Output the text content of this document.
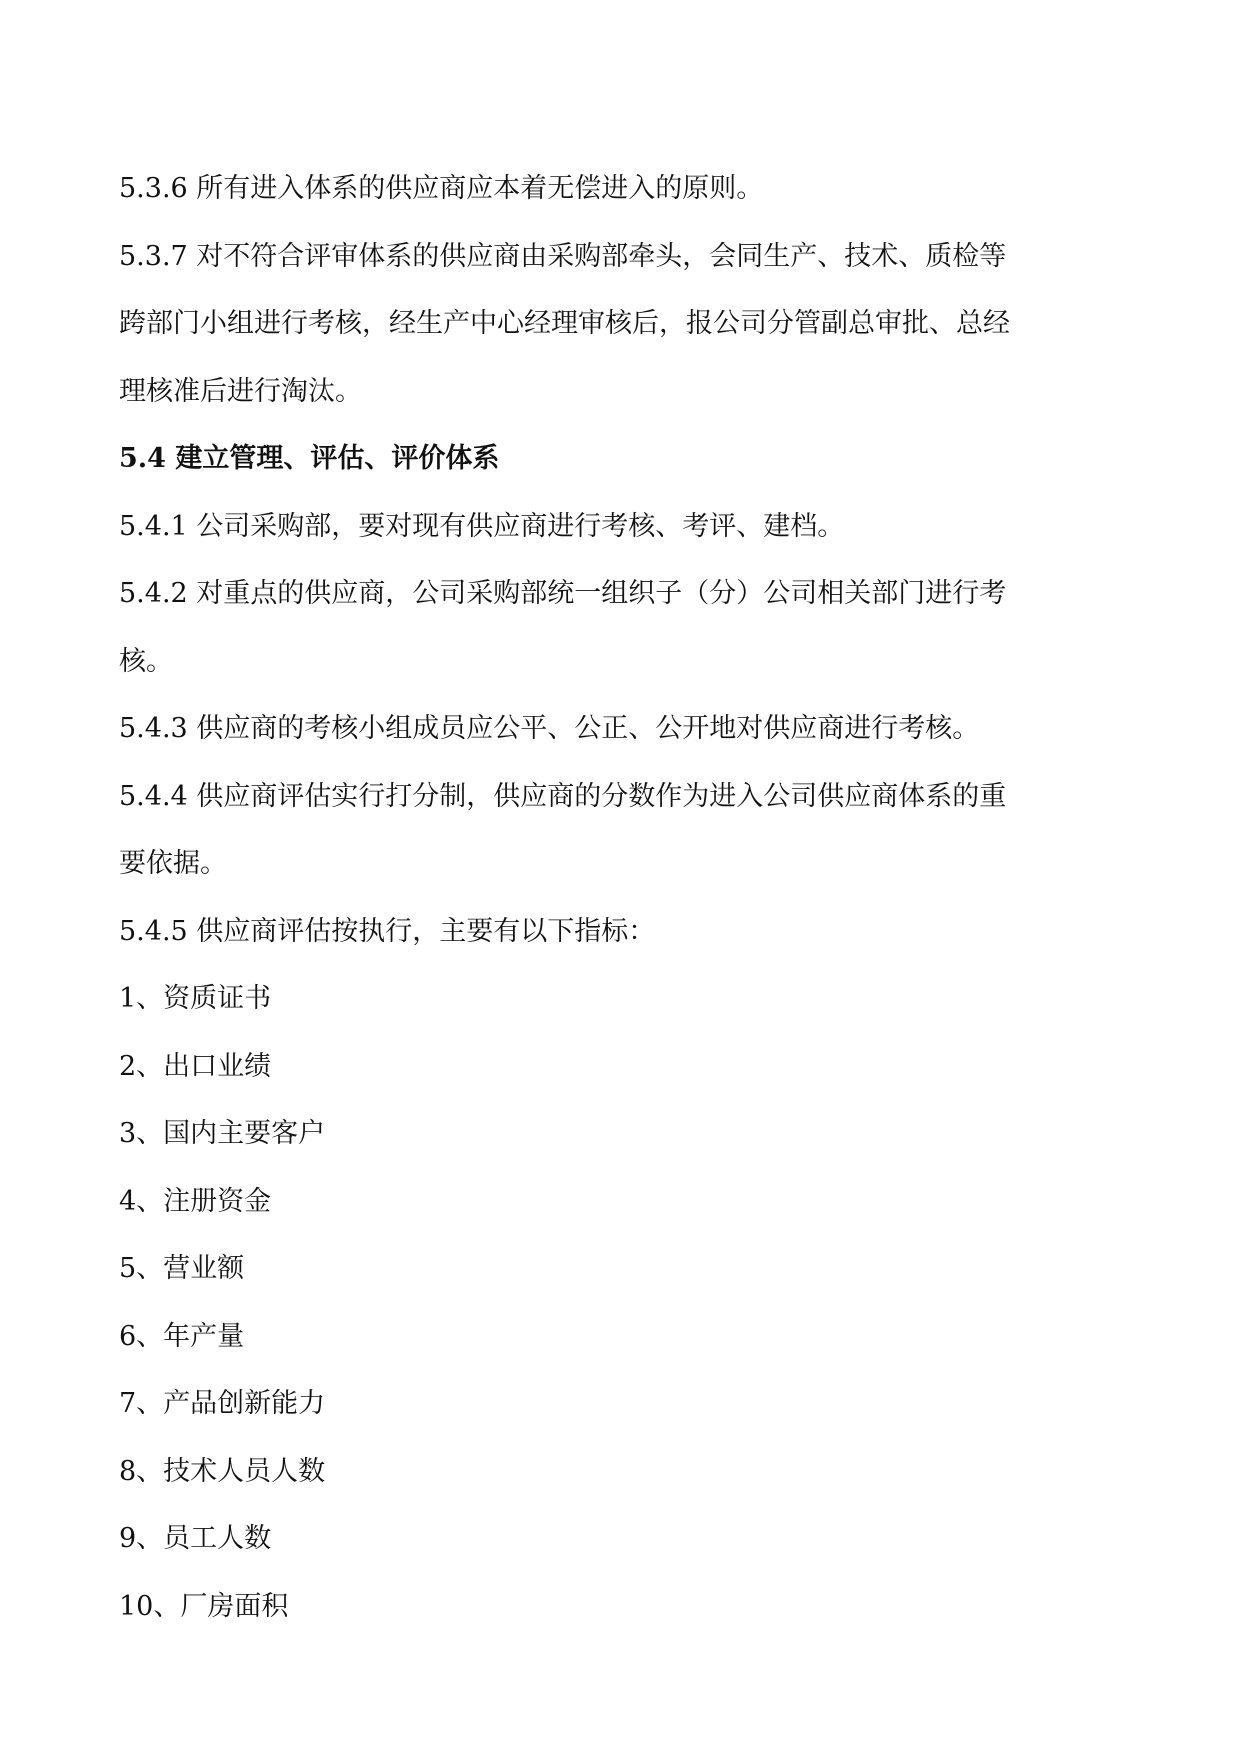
5.3.6 所有进入体系的供应商应本着无偿进入的原则。

5.3.7 对不符合评审体系的供应商由采购部牵头，会同生产、技术、质检等
跨部门小组进行考核，经生产中心经理审核后，报公司分管副总审批、总经
理核准后进行淘汰。

5.4 建立管理、评估、评价体系

5.4.1 公司采购部，要对现有供应商进行考核、考评、建档。

5.4.2 对重点的供应商，公司采购部统一组织子（分）公司相关部门进行考
核。

5.4.3 供应商的考核小组成员应公平、公正、公开地对供应商进行考核。

5.4.4 供应商评估实行打分制，供应商的分数作为进入公司供应商体系的重
要依据。

5.4.5 供应商评估按执行，主要有以下指标：

1、资质证书

2、出口业绩

3、国内主要客户

4、注册资金

5、营业额

6、年产量

7、产品创新能力

8、技术人员人数

9、员工人数

10、厂房面积
